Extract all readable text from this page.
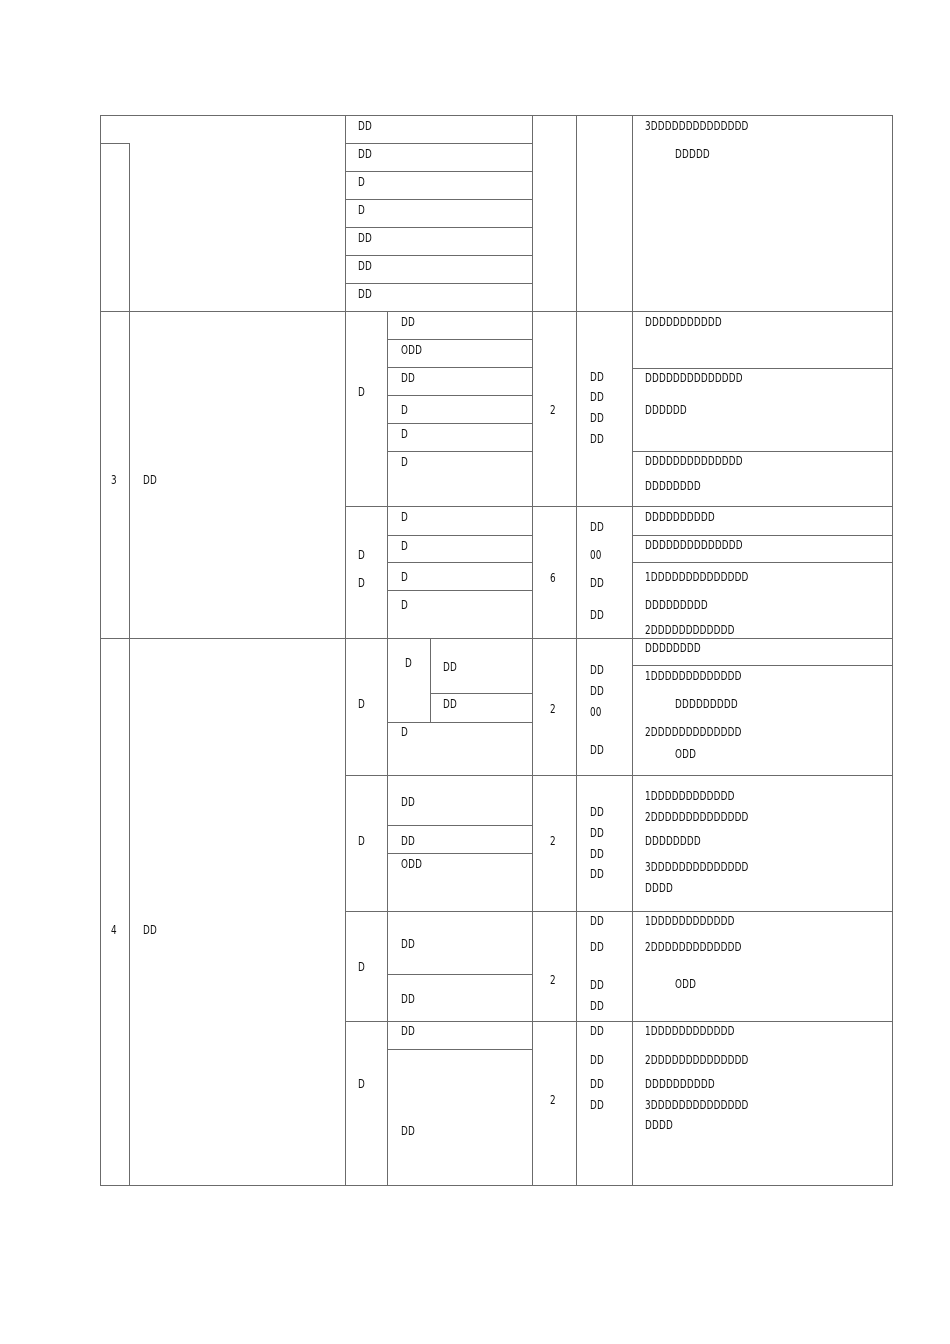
DD
DD
D
D
DD
DD
DD
3DDDDDDDDDDDDDD
DDDDD
3 DD
D
DD
ODD
DD
D
D
D
2
DD
DD
DD
DD
DDDDDDDDDDD
DDDDDDDDDDDDDD
DDDDDD
DDDDDDDDDDDDDD
DDDDDDDD
D
D
D
D
D
D
6
DD
00
DD
DD
DDDDDDDDDD
DDDDDDDDDDDDDD
1DDDDDDDDDDDDDD
DDDDDDDDD
2DDDDDDDDDDDD
4 DD
D
D	DD
DD
D
2
DD
DD
00
DD
DDDDDDDD
1DDDDDDDDDDDDD
DDDDDDDDD
2DDDDDDDDDDDDD
ODD
D
DD
DD
ODD
2
DD
DD
DD
DD
1DDDDDDDDDDDD
2DDDDDDDDDDDDDD
DDDDDDDD
3DDDDDDDDDDDDDD
DDDD
D
DD
DD
2
DD
DD
DD
DD
1DDDDDDDDDDDD
2DDDDDDDDDDDDD
ODD
D
DD
DD
2
DD
DD
DD
DD
1DDDDDDDDDDDD
2DDDDDDDDDDDDDD
DDDDDDDDDD
3DDDDDDDDDDDDDD
DDDD
